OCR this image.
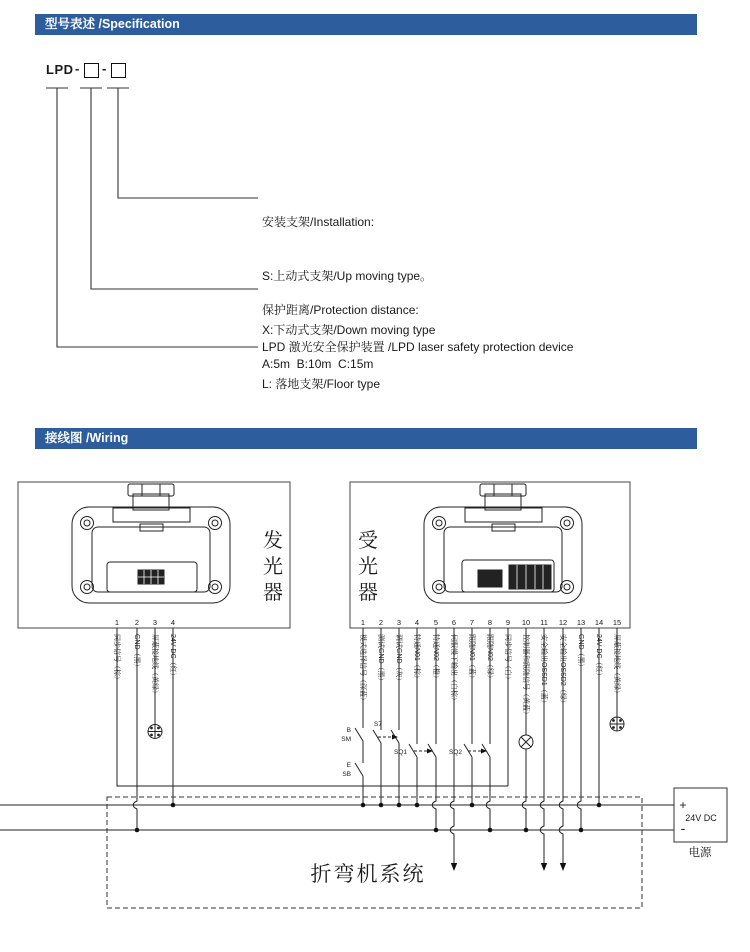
型号表述 /Specification
LPD - -

安装支架/Installation:

S:上动式支架/Up moving type。

X:下动式支架/Down moving type

L: 落地支架/Floor type

保护距离/Protection distance:

A:5m  B:10m  C:15m

LPD 激光安全保护装置 /LPD laser safety protection device
接线图 /Wiring
发
光
器
受
光
器
1 2 3 4	1 2 3 4 5 6 7 8 9 10 11 12 13 14 15
同步信号（棕） GND（黑） 屏蔽接地线（黄绿） 24V DC（红）	模式选择信号（深蓝） 测试GND（黑） 调试GND（灰） 特通N01（棕） 特通N02（橙） 伺服慢下输出（白棕） 跟随N01（蓝） 跟随N02（绿） 同步信号（白） 控制器和跟随信号（黄蓝） 安全输出OSSD1（蓝） 安全输出OSSD2（绿） GND（黑） 24V DC（红） 屏蔽接地线（黄绿）
B
SM
E
SB
S7
SQ1	SQ2
+
-
24V DC
电源
折弯机系统
